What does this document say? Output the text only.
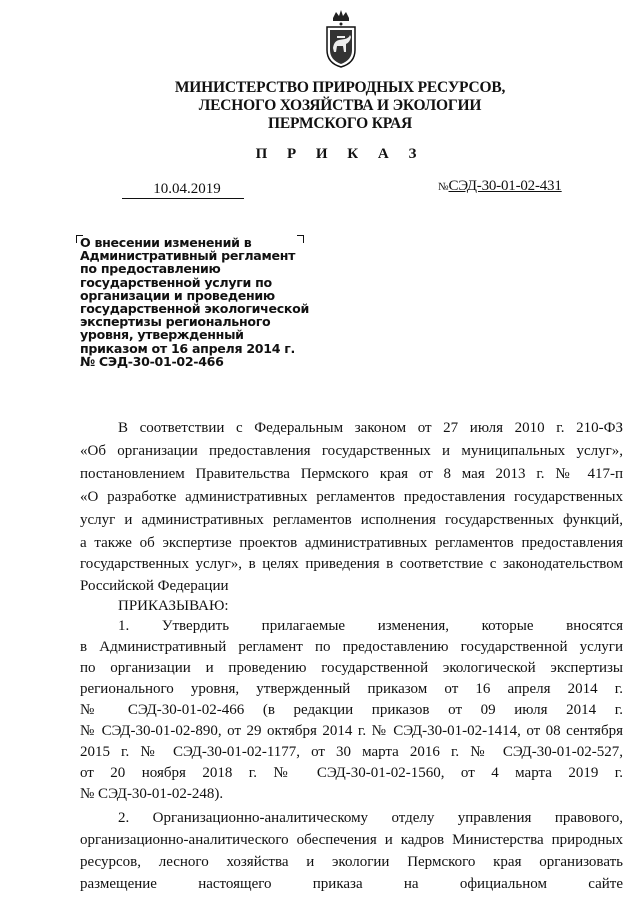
МИНИСТЕРСТВО ПРИРОДНЫХ РЕСУРСОВ,
ЛЕСНОГО ХОЗЯЙСТВА И ЭКОЛОГИИ
ПЕРМСКОГО КРАЯ
П Р И К А З
10.04.2019	№СЭД-30-01-02-431
О внесении изменений в
Административный регламент
по предоставлению
государственной услуги по
организации и проведению
государственной экологической
экспертизы регионального
уровня, утвержденный
приказом от 16 апреля 2014 г.
№ СЭД-30-01-02-466
В соответствии с Федеральным законом от 27 июля 2010 г. 210-ФЗ
«Об организации предоставления государственных и муниципальных услуг»,
постановлением Правительства Пермского края от 8 мая 2013 г. № 417-п
«О разработке административных регламентов предоставления государственных
услуг и административных регламентов исполнения государственных функций,
а также об экспертизе проектов административных регламентов предоставления
государственных услуг», в целях приведения в соответствие с законодательством
Российской Федерации
ПРИКАЗЫВАЮ:
1. Утвердить прилагаемые изменения, которые вносятся
в Административный регламент по предоставлению государственной услуги
по организации и проведению государственной экологической экспертизы
регионального уровня, утвержденный приказом от 16 апреля 2014 г.
№ СЭД-30-01-02-466 (в редакции приказов от 09 июля 2014 г.
№ СЭД-30-01-02-890, от 29 октября 2014 г. № СЭД-30-01-02-1414, от 08 сентября
2015 г. № СЭД-30-01-02-1177, от 30 марта 2016 г. № СЭД-30-01-02-527,
от 20 ноября 2018 г. № СЭД-30-01-02-1560, от 4 марта 2019 г.
№ СЭД-30-01-02-248).
2. Организационно-аналитическому отделу управления правового,
организационно-аналитического обеспечения и кадров Министерства природных
ресурсов, лесного хозяйства и экологии Пермского края организовать
размещение настоящего приказа на официальном сайте
